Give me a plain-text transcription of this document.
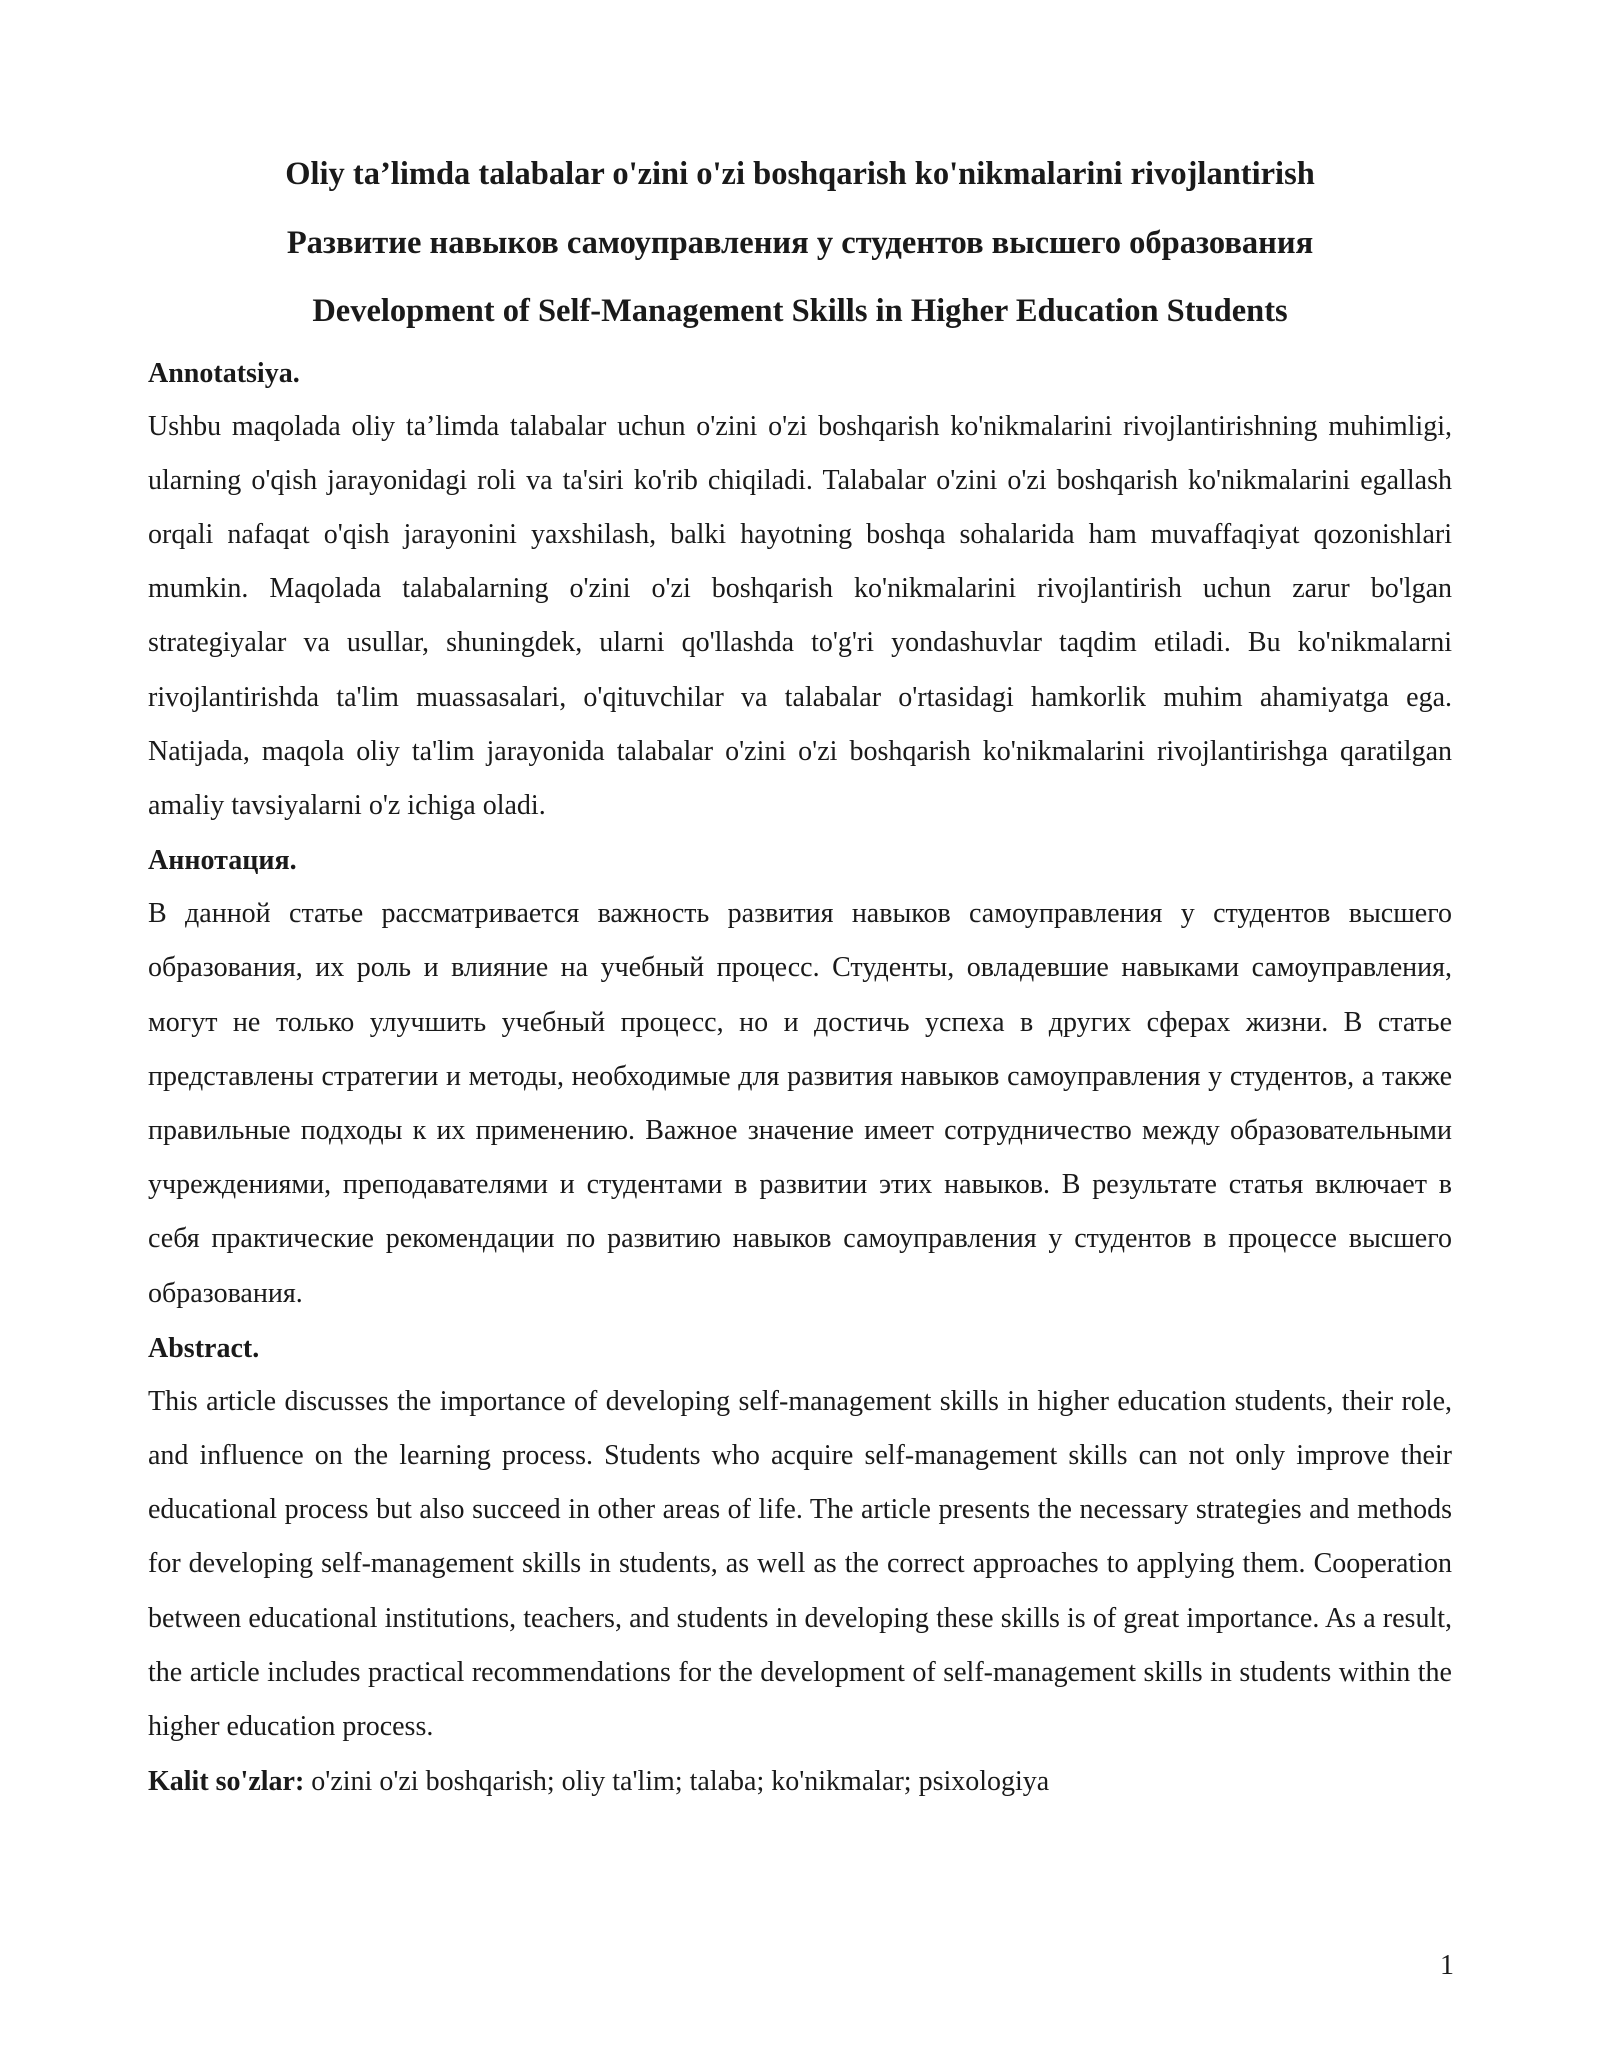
Oliy ta’limda talabalar o'zini o'zi boshqarish ko'nikmalarini rivojlantirish
Развитие навыков самоуправления у студентов высшего образования
Development of Self-Management Skills in Higher Education Students
Annotatsiya.

Ushbu maqolada oliy ta’limda talabalar uchun o'zini o'zi boshqarish ko'nikmalarini rivojlantirishning muhimligi, ularning o'qish jarayonidagi roli va ta'siri ko'rib chiqiladi. Talabalar o'zini o'zi boshqarish ko'nikmalarini egallash orqali nafaqat o'qish jarayonini yaxshilash, balki hayotning boshqa sohalarida ham muvaffaqiyat qozonishlari mumkin. Maqolada talabalarning o'zini o'zi boshqarish ko'nikmalarini rivojlantirish uchun zarur bo'lgan strategiyalar va usullar, shuningdek, ularni qo'llashda to'g'ri yondashuvlar taqdim etiladi. Bu ko'nikmalarni rivojlantirishda ta'lim muassasalari, o'qituvchilar va talabalar o'rtasidagi hamkorlik muhim ahamiyatga ega. Natijada, maqola oliy ta'lim jarayonida talabalar o'zini o'zi boshqarish ko'nikmalarini rivojlantirishga qaratilgan amaliy tavsiyalarni o'z ichiga oladi.

Аннотация.

В данной статье рассматривается важность развития навыков самоуправления у студентов высшего образования, их роль и влияние на учебный процесс. Студенты, овладевшие навыками самоуправления, могут не только улучшить учебный процесс, но и достичь успеха в других сферах жизни. В статье представлены стратегии и методы, необходимые для развития навыков самоуправления у студентов, а также правильные подходы к их применению. Важное значение имеет сотрудничество между образовательными учреждениями, преподавателями и студентами в развитии этих навыков. В результате статья включает в себя практические рекомендации по развитию навыков самоуправления у студентов в процессе высшего образования.

Abstract.

This article discusses the importance of developing self-management skills in higher education students, their role, and influence on the learning process. Students who acquire self-management skills can not only improve their educational process but also succeed in other areas of life. The article presents the necessary strategies and methods for developing self-management skills in students, as well as the correct approaches to applying them. Cooperation between educational institutions, teachers, and students in developing these skills is of great importance. As a result, the article includes practical recommendations for the development of self-management skills in students within the higher education process.

Kalit so'zlar: o'zini o'zi boshqarish; oliy ta'lim; talaba; ko'nikmalar; psixologiya

1
